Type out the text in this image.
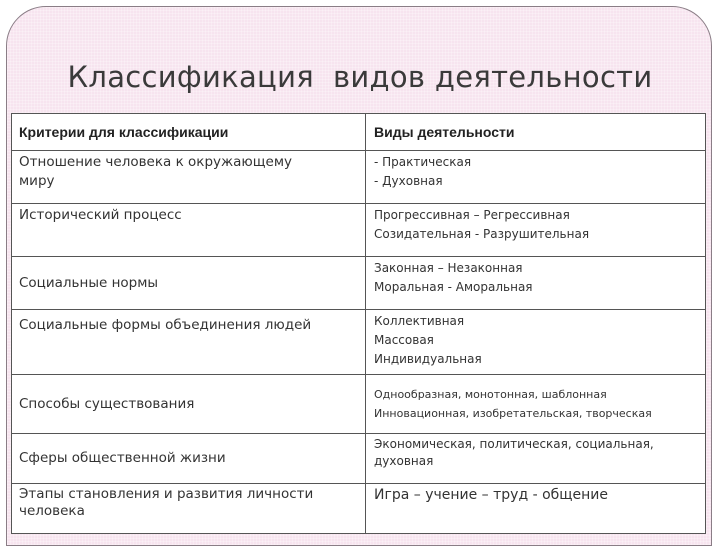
Классификация  видов деятельности
Критерии для классификации	Виды деятельности

Отношение человека к окружающему
миру	- Практическая
- Духовная

Исторический процесс	Прогрессивная – Регрессивная
Созидательная - Разрушительная

Социальные нормы	Законная – Незаконная
Моральная - Аморальная

Социальные формы объединения людей	Коллективная
Массовая
Индивидуальная

Способы существования	Однообразная, монотонная, шаблонная
Инновационная, изобретательская, творческая

Сферы общественной жизни	Экономическая, политическая, социальная,
духовная

Этапы становления и развития личности
человека	Игра – учение – труд - общение
